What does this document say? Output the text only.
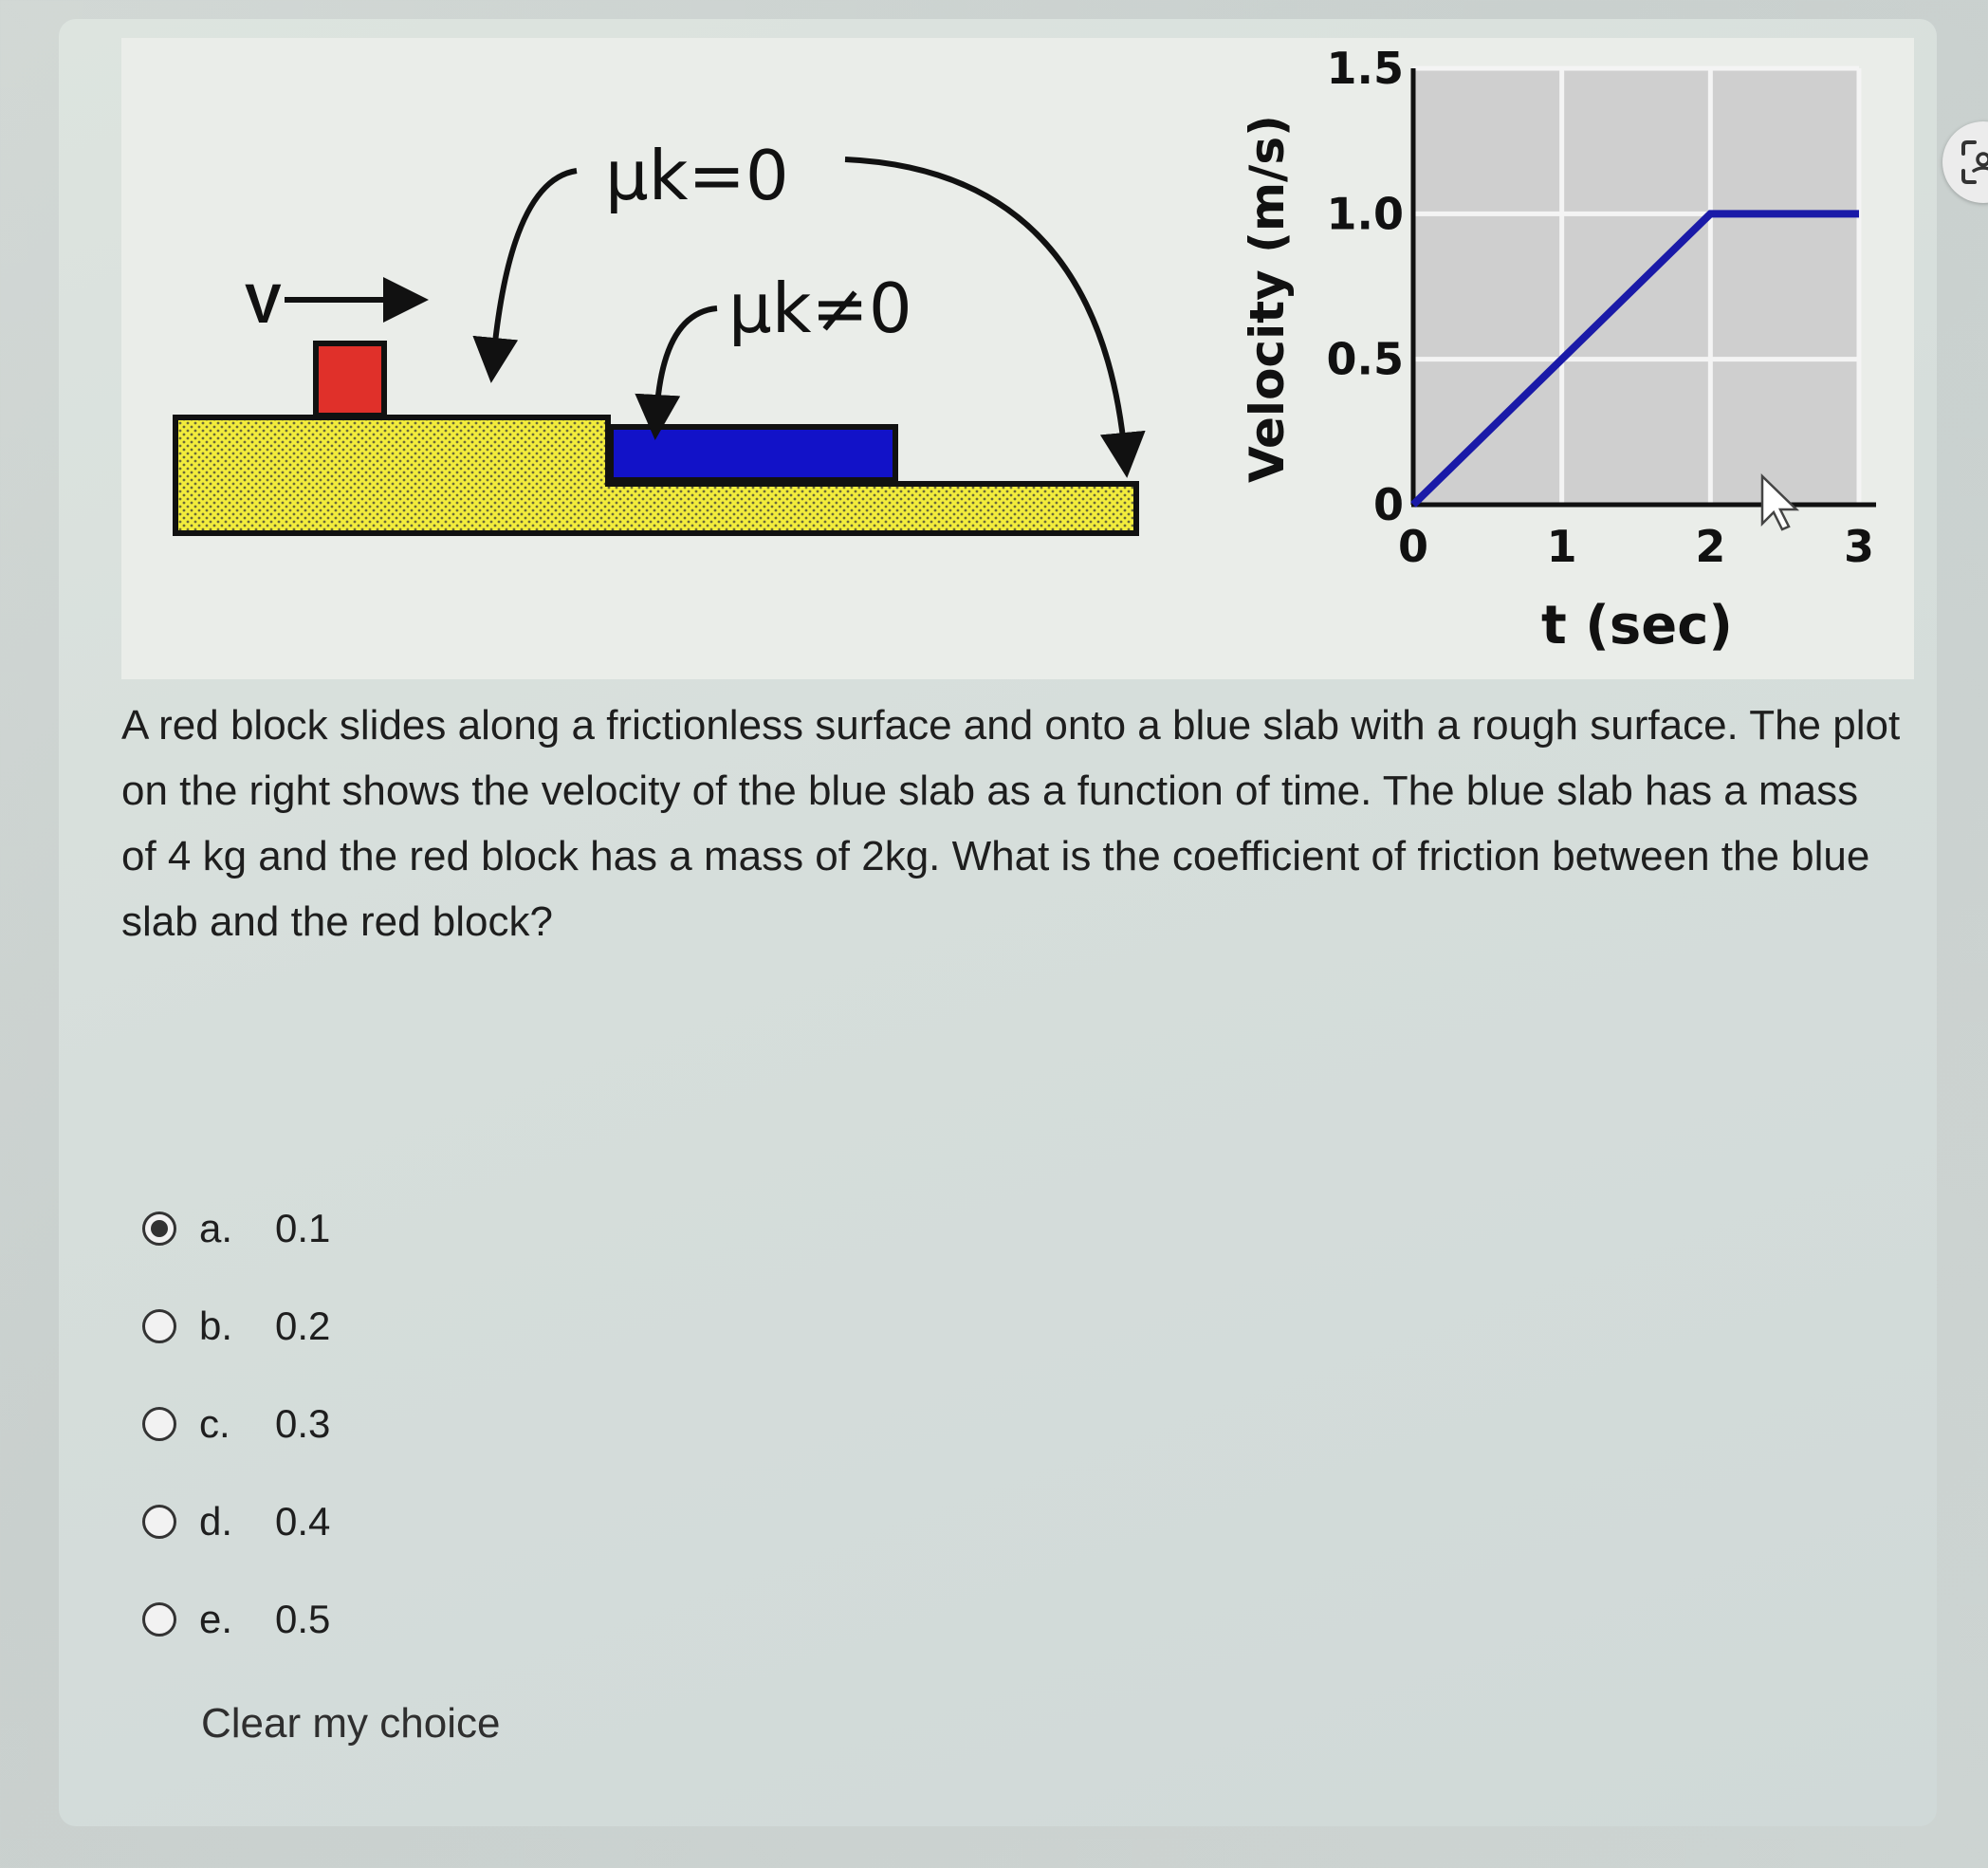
V
μk=0
μk≠0
0
0.5
1.0
1.5
0	1	2	3
Velocity (m/s)
t (sec)
A red block slides along a frictionless surface and onto a blue slab with a rough surface. The plot on the right shows the velocity of the blue slab as a function of time. The blue slab has a mass of 4 kg and the red block has a mass of 2kg. What is the coefficient of friction between the blue slab and the red block?
a.	0.1
b.	0.2
c.	0.3
d.	0.4
e.	0.5
Clear my choice
